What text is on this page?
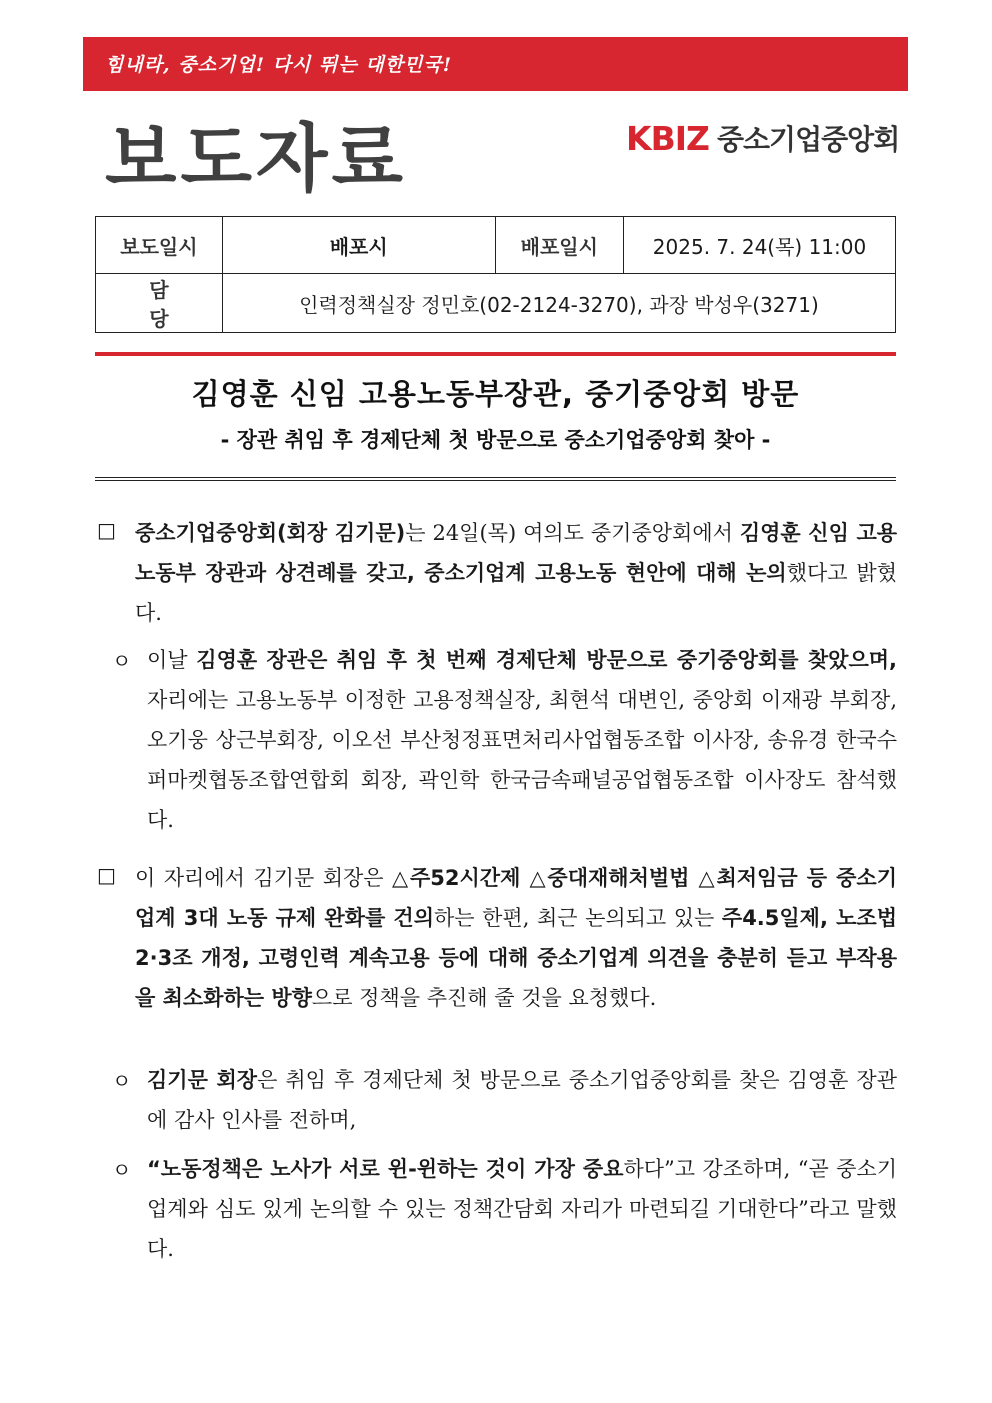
힘내라, 중소기업! 다시 뛰는 대한민국!
보도자료	KBIZ 중소기업중앙회
보도일시	배포시	배포일시	2025. 7. 24(목) 11:00
담당	인력정책실장 정민호(02-2124-3270), 과장 박성우(3271)		
김영훈 신임 고용노동부장관, 중기중앙회 방문
- 장관 취임 후 경제단체 첫 방문으로 중소기업중앙회 찾아 -
□ 중소기업중앙회(회장 김기문)는 24일(목) 여의도 중기중앙회에서 김영훈 신임 고용노동부 장관과 상견례를 갖고, 중소기업계 고용노동 현안에 대해 논의했다고 밝혔다.
ㅇ 이날 김영훈 장관은 취임 후 첫 번째 경제단체 방문으로 중기중앙회를 찾았으며, 자리에는 고용노동부 이정한 고용정책실장, 최현석 대변인, 중앙회 이재광 부회장, 오기웅 상근부회장, 이오선 부산청정표면처리사업협동조합 이사장, 송유경 한국수퍼마켓협동조합연합회 회장, 곽인학 한국금속패널공업협동조합 이사장도 참석했다.
□ 이 자리에서 김기문 회장은 △주52시간제 △중대재해처벌법 △최저임금 등 중소기업계 3대 노동 규제 완화를 건의하는 한편, 최근 논의되고 있는 주4.5일제, 노조법 2·3조 개정, 고령인력 계속고용 등에 대해 중소기업계 의견을 충분히 듣고 부작용을 최소화하는 방향으로 정책을 추진해 줄 것을 요청했다.
ㅇ 김기문 회장은 취임 후 경제단체 첫 방문으로 중소기업중앙회를 찾은 김영훈 장관에 감사 인사를 전하며,
ㅇ “노동정책은 노사가 서로 윈-윈하는 것이 가장 중요하다”고 강조하며, “곧 중소기업계와 심도 있게 논의할 수 있는 정책간담회 자리가 마련되길 기대한다”라고 말했다.
